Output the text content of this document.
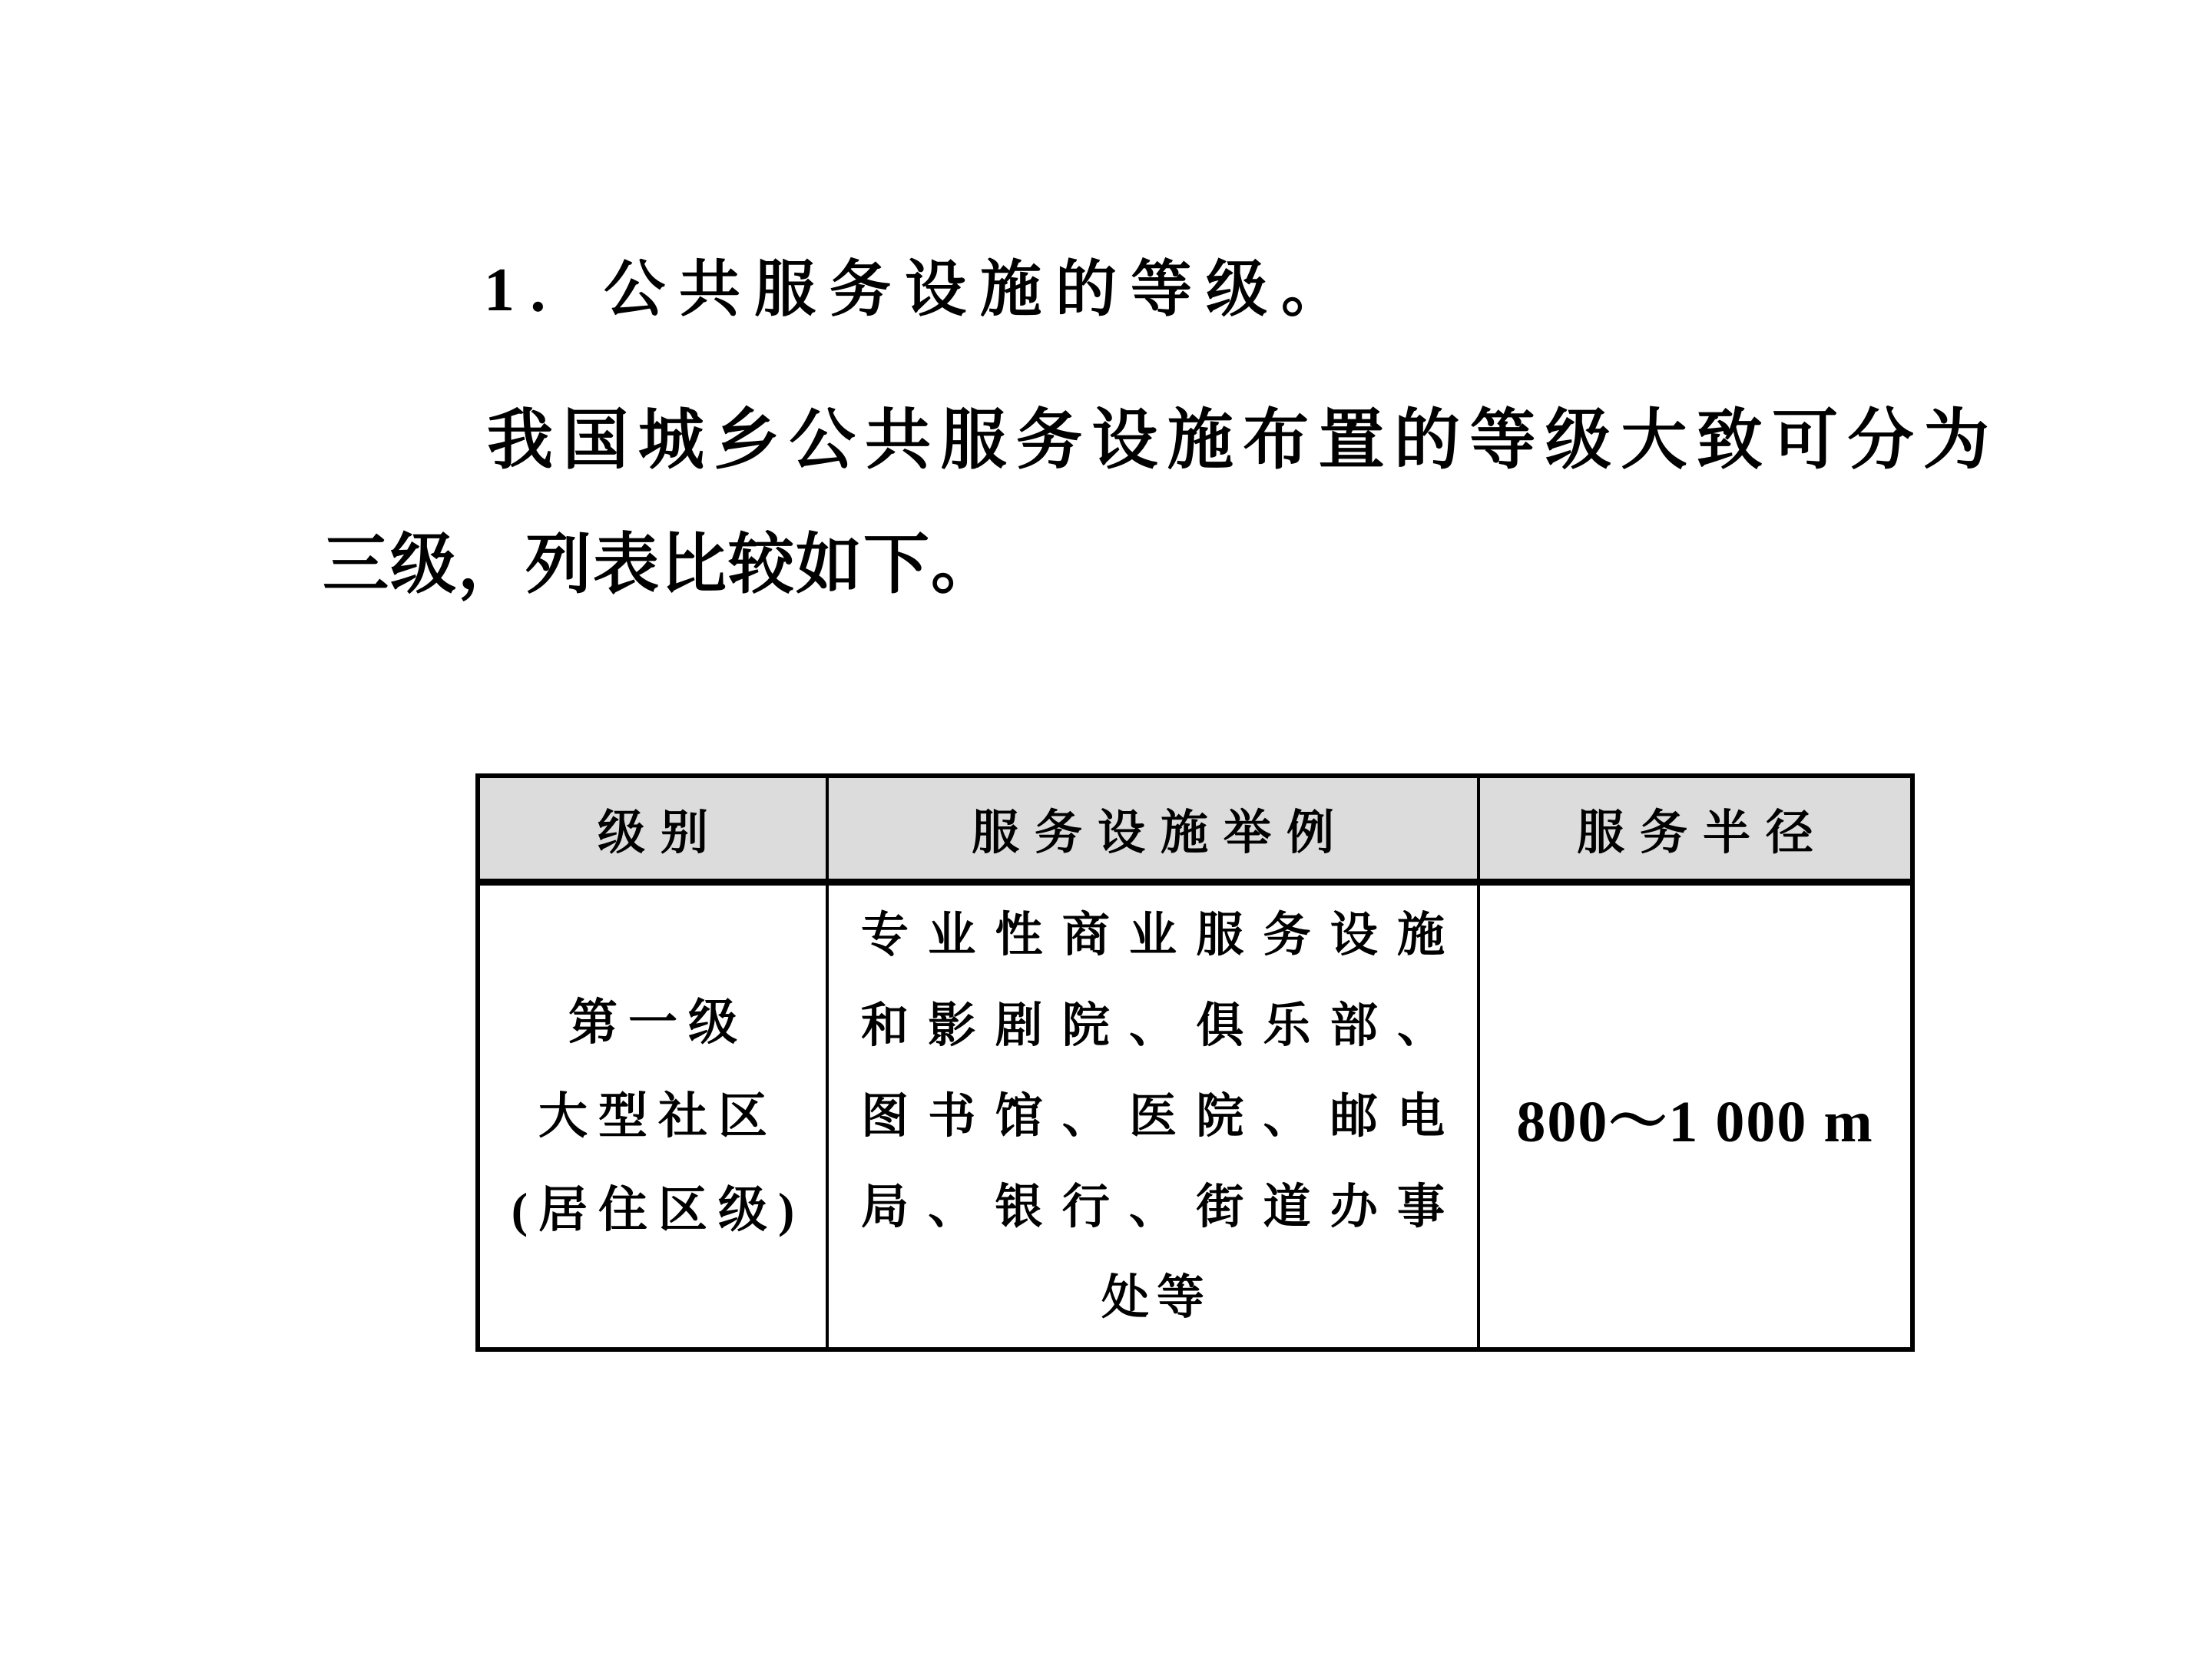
1．公共服务设施的等级。
我国城乡公共服务设施布置的等级大致可分为
三级，列表比较如下。
级别	服务设施举例	服务半径
第一级
大型社区
(居住区级)
专业性商业服务设施
和影剧院、俱乐部、
图书馆、医院、邮电
局、银行、街道办事
处等
800～1 000 m
